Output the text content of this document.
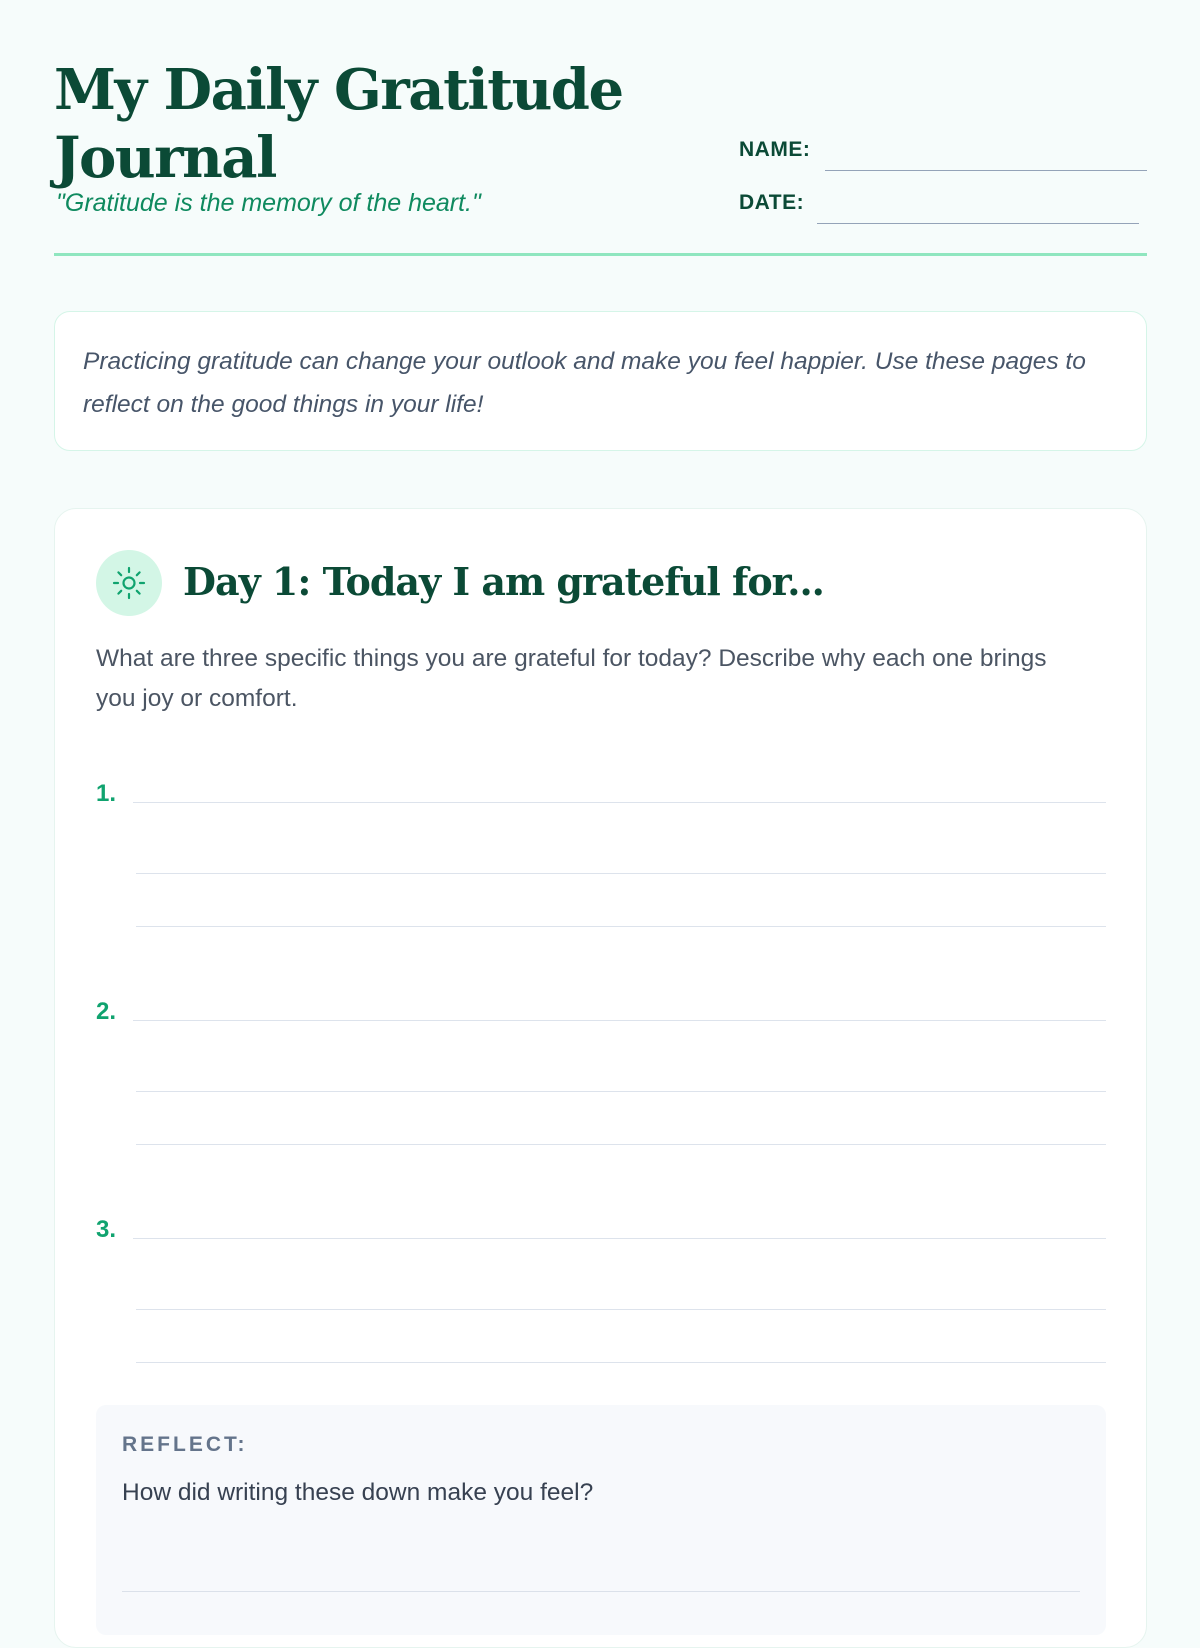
My Daily Gratitude Journal
"Gratitude is the memory of the heart."
NAME:
DATE:

Practicing gratitude can change your outlook and make you feel happier. Use these pages to reflect on the good things in your life!

Day 1: Today I am grateful for...

What are three specific things you are grateful for today? Describe why each one brings you joy or comfort.

1.
2.
3.
REFLECT:
How did writing these down make you feel?
